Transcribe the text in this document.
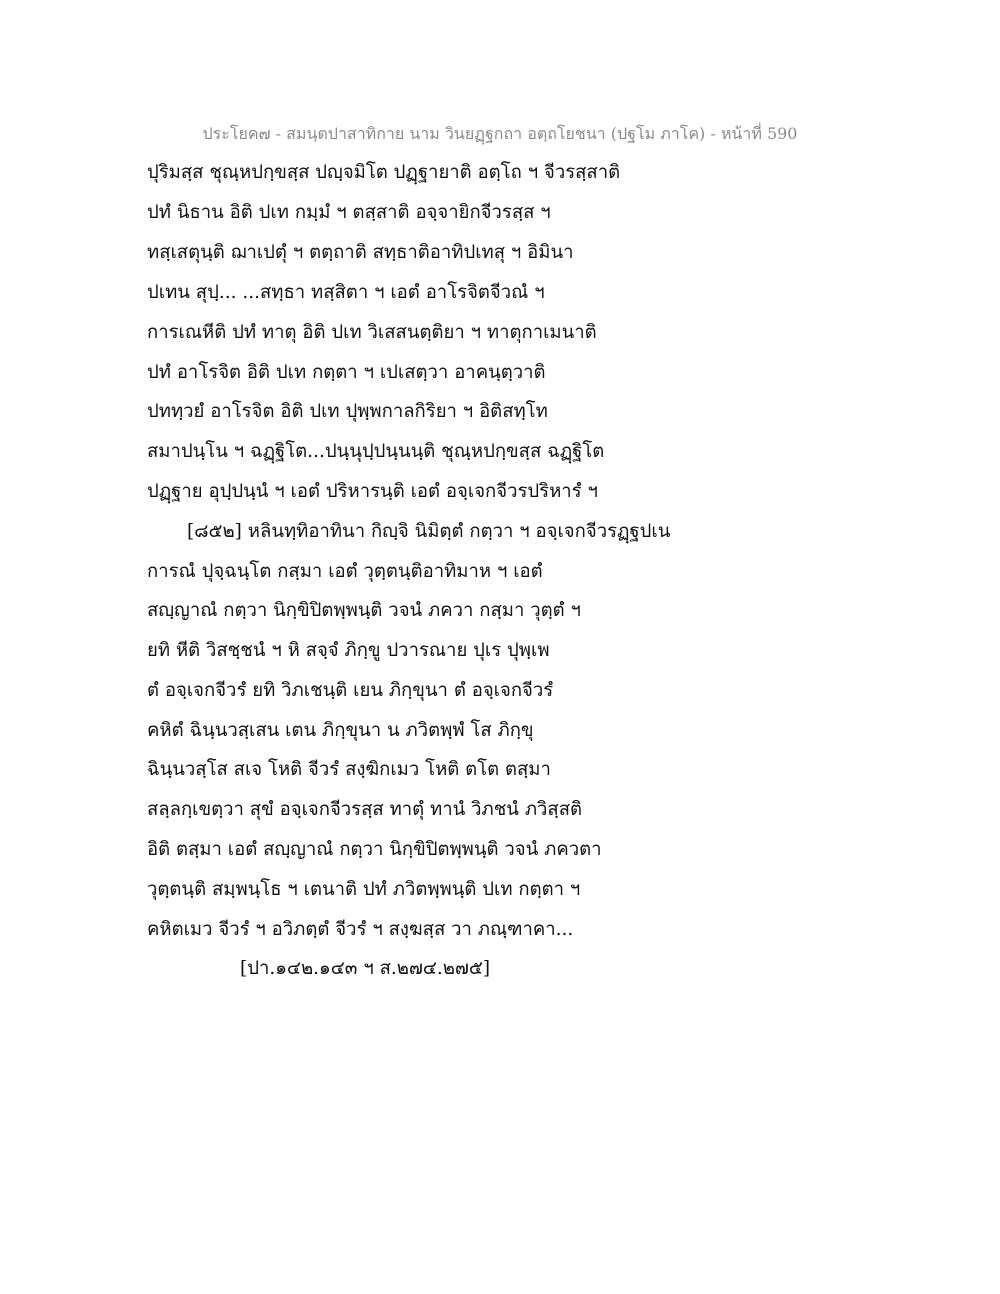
ประโยค๗ - สมนฺตปาสาทิกาย นาม วินยฏฺฐกถา อตฺถโยชนา (ปฐโม ภาโค) - หน้าที่ 590
ปุริมสฺส ชุณฺหปกฺขสฺส ปญฺจมิโต ปฏฺฐายาติ อตฺโถ ฯ จีวรสฺสาติ
ปทํ นิธาน อิติ ปเท กมฺมํ ฯ ตสฺสาติ อจฺจายิกจีวรสฺส ฯ
ทสฺเสตุนฺติ ฌาเปตุํ ฯ ตตฺถาติ สทฺธาติอาทิปเทสุ ฯ อิมินา
ปเทน สุปฺ... ...สทฺธา ทสฺสิตา ฯ เอตํ อาโรจิตจีวณํ ฯ
การเณหีติ ปทํ ทาตุ อิติ ปเท วิเสสนตฺติยา ฯ ทาตุกาเมนาติ
ปทํ อาโรจิต อิติ ปเท กตฺตา ฯ เปเสตฺวา อาคนฺตฺวาติ
ปททฺวยํ อาโรจิต อิติ ปเท ปุพฺพกาลกิริยา ฯ อิติสทฺโท
สมาปนฺโน ฯ ฉฏฺฐิโต...ปนฺนุปฺปนฺนนฺติ ชุณฺหปกฺขสฺส ฉฏฺฐิโต
ปฏฺฐาย อุปฺปนฺนํ ฯ เอตํ ปริหารนฺติ เอตํ อจฺเจกจีวรปริหารํ ฯ
[๘๕๒] หลินทฺทิอาทินา กิญฺจิ นิมิตฺตํ กตฺวา ฯ อจฺเจกจีวรฏฺฐปเน
การณํ ปุจฺฉนฺโต กสฺมา เอตํ วุตฺตนฺติอาทิมาห ฯ เอตํ
สญฺญาณํ กตฺวา นิกฺขิปิตพฺพนฺติ วจนํ ภควา กสฺมา วุตฺตํ ฯ
ยทิ หีติ วิสชฺชนํ ฯ หิ สจฺจํ ภิกฺขู ปวารณาย ปุเร ปุพฺเพ
ตํ อจฺเจกจีวรํ ยทิ วิภเชนฺติ เยน ภิกฺขุนา ตํ อจฺเจกจีวรํ
คหิตํ ฉินฺนวสฺเสน เตน ภิกฺขุนา น ภวิตพฺพํ โส ภิกฺขุ
ฉินฺนวสฺโส สเจ โหติ จีวรํ สงฺฆิกเมว โหติ ตโต ตสฺมา
สลฺลกฺเขตฺวา สุขํ อจฺเจกจีวรสฺส ทาตุํ ทานํ วิภชนํ ภวิสฺสติ
อิติ ตสฺมา เอตํ สญฺญาณํ กตฺวา นิกฺขิปิตพฺพนฺติ วจนํ ภควตา
วุตฺตนฺติ สมฺพนฺโธ ฯ เตนาติ ปทํ ภวิตพฺพนฺติ ปเท กตฺตา ฯ
คหิตเมว จีวรํ ฯ อวิภตฺตํ จีวรํ ฯ สงฺฆสฺส วา ภณฺฑาคา...
[ปา.๑๔๒.๑๔๓ ฯ ส.๒๗๔.๒๗๕]
